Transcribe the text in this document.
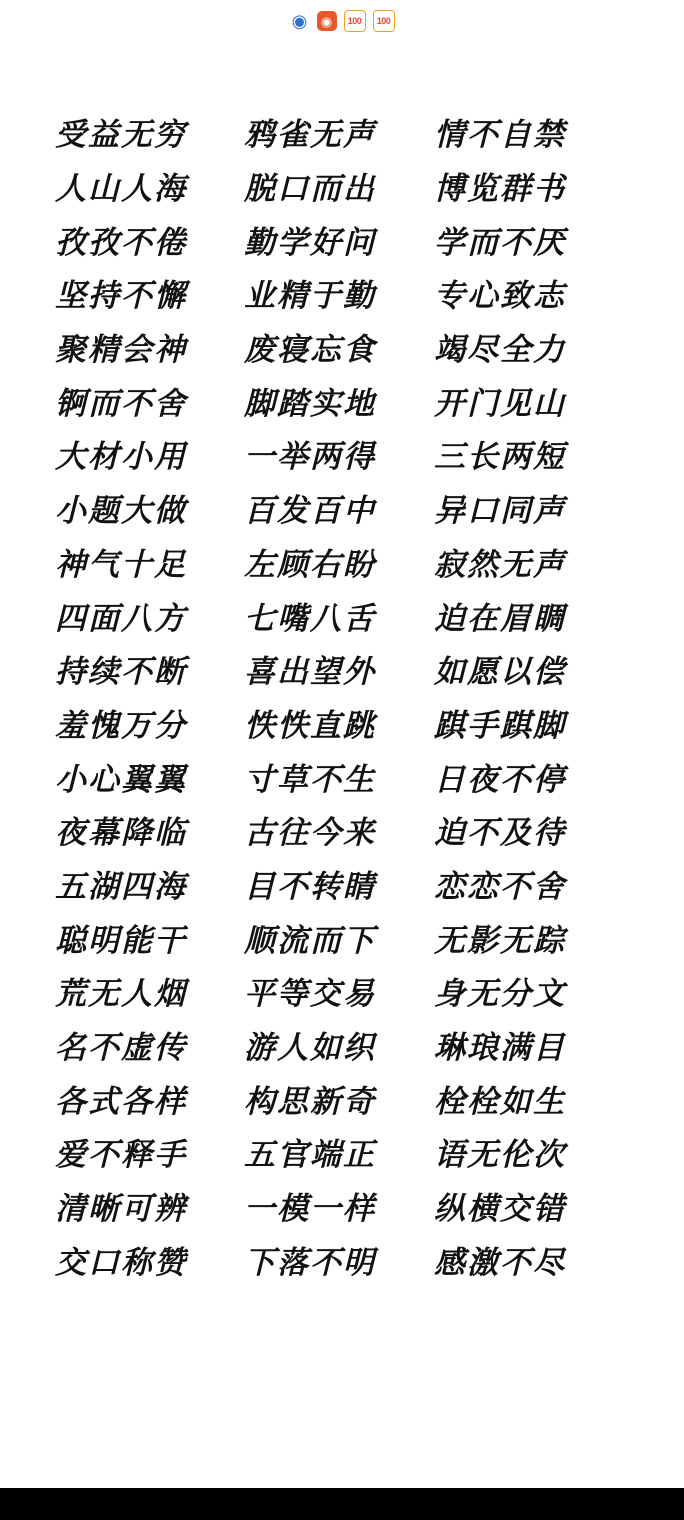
◉	◉	100	100
受益无穷	鸦雀无声	情不自禁
人山人海	脱口而出	博览群书
孜孜不倦	勤学好问	学而不厌
坚持不懈	业精于勤	专心致志
聚精会神	废寝忘食	竭尽全力
锕而不舍	脚踏实地	开门见山
大材小用	一举两得	三长两短
小题大做	百发百中	异口同声
神气十足	左顾右盼	寂然无声
四面八方	七嘴八舌	迫在眉睭
持续不断	喜出望外	如愿以偿
羞愧万分	怢怢直跳	踑手踑脚
小心翼翼	寸草不生	日夜不停
夜幕降临	古往今来	迫不及待
五湖四海	目不转睛	恋恋不舍
聪明能干	顺流而下	无影无踪
荒无人烟	平等交易	身无分文
名不虚传	游人如织	琳琅满目
各式各样	构思新奇	栓栓如生
爱不释手	五官端正	语无伦次
清晰可辨	一模一样	纵横交错
交口称赞	下落不明	感激不尽
